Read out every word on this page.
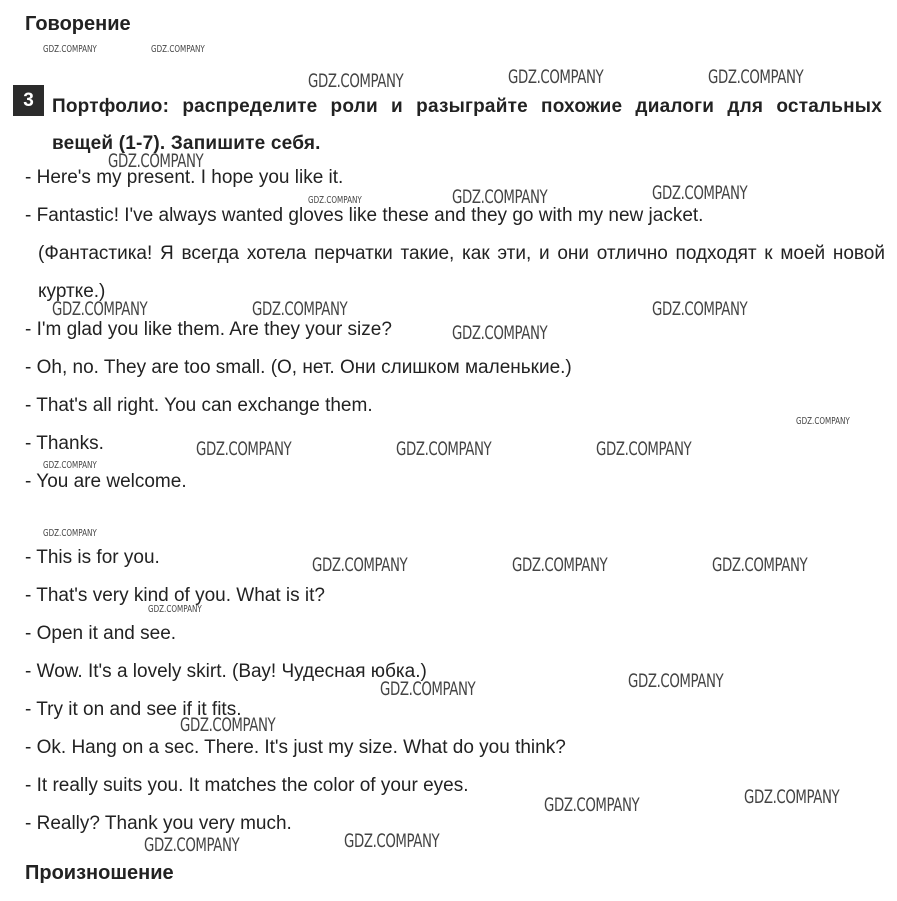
Говорение
3 Портфолио: распределите роли и разыграйте похожие диалоги для остальных вещей (1-7). Запишите себя.
- Here's my present. I hope you like it.
- Fantastic! I've always wanted gloves like these and they go with my new jacket.
(Фантастика! Я всегда хотела перчатки такие, как эти, и они отлично подходят к моей новой куртке.)
- I'm glad you like them. Are they your size?
- Oh, no. They are too small. (О, нет. Они слишком маленькие.)
- That's all right. You can exchange them.
- Thanks.
- You are welcome.
- This is for you.
- That's very kind of you. What is it?
- Open it and see.
- Wow. It's a lovely skirt. (Вау! Чудесная юбка.)
- Try it on and see if it fits.
- Ok. Hang on a sec. There. It's just my size. What do you think?
- It really suits you. It matches the color of your eyes.
- Really? Thank you very much.
Произношение
GDZ.COMPANY	GDZ.COMPANY
GDZ.COMPANY	GDZ.COMPANY	GDZ.COMPANY
GDZ.COMPANY
GDZ.COMPANY	GDZ.COMPANY	GDZ.COMPANY
GDZ.COMPANY	GDZ.COMPANY
GDZ.COMPANY
GDZ.COMPANY
GDZ.COMPANY
GDZ.COMPANY	GDZ.COMPANY	GDZ.COMPANY
GDZ.COMPANY
GDZ.COMPANY
GDZ.COMPANY	GDZ.COMPANY	GDZ.COMPANY
GDZ.COMPANY
GDZ.COMPANY	GDZ.COMPANY
GDZ.COMPANY
GDZ.COMPANY	GDZ.COMPANY
GDZ.COMPANY	GDZ.COMPANY
